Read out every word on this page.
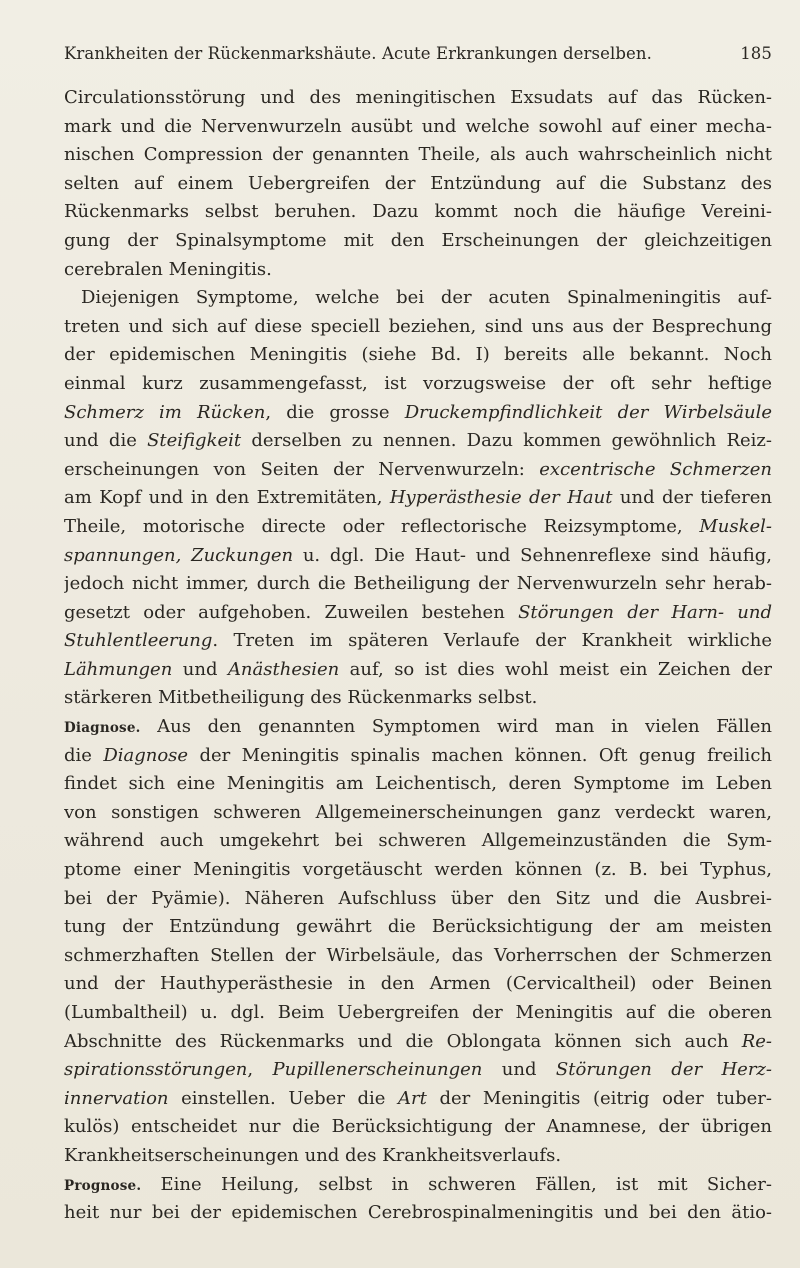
Krankheiten der Rückenmarkshäute. Acute Erkrankungen derselben.	185
Circulationsstörung und des meningitischen Exsudats auf das Rücken-
mark und die Nervenwurzeln ausübt und welche sowohl auf einer mecha-
nischen Compression der genannten Theile, als auch wahrscheinlich nicht
selten auf einem Uebergreifen der Entzündung auf die Substanz des
Rückenmarks selbst beruhen. Dazu kommt noch die häufige Vereini-
gung der Spinalsymptome mit den Erscheinungen der gleichzeitigen
cerebralen Meningitis.
Diejenigen Symptome, welche bei der acuten Spinalmeningitis auf-
treten und sich auf diese speciell beziehen, sind uns aus der Besprechung
der epidemischen Meningitis (siehe Bd. I) bereits alle bekannt. Noch
einmal kurz zusammengefasst, ist vorzugsweise der oft sehr heftige
Schmerz im Rücken, die grosse Druckempfindlichkeit der Wirbelsäule
und die Steifigkeit derselben zu nennen. Dazu kommen gewöhnlich Reiz-
erscheinungen von Seiten der Nervenwurzeln: excentrische Schmerzen
am Kopf und in den Extremitäten, Hyperästhesie der Haut und der tieferen
Theile, motorische directe oder reflectorische Reizsymptome, Muskel-
spannungen, Zuckungen u. dgl. Die Haut- und Sehnenreflexe sind häufig,
jedoch nicht immer, durch die Betheiligung der Nervenwurzeln sehr herab-
gesetzt oder aufgehoben. Zuweilen bestehen Störungen der Harn- und
Stuhlentleerung. Treten im späteren Verlaufe der Krankheit wirkliche
Lähmungen und Anästhesien auf, so ist dies wohl meist ein Zeichen der
stärkeren Mitbetheiligung des Rückenmarks selbst.
Diagnose. Aus den genannten Symptomen wird man in vielen Fällen
die Diagnose der Meningitis spinalis machen können. Oft genug freilich
findet sich eine Meningitis am Leichentisch, deren Symptome im Leben
von sonstigen schweren Allgemeinerscheinungen ganz verdeckt waren,
während auch umgekehrt bei schweren Allgemeinzuständen die Sym-
ptome einer Meningitis vorgetäuscht werden können (z. B. bei Typhus,
bei der Pyämie). Näheren Aufschluss über den Sitz und die Ausbrei-
tung der Entzündung gewährt die Berücksichtigung der am meisten
schmerzhaften Stellen der Wirbelsäule, das Vorherrschen der Schmerzen
und der Hauthyperästhesie in den Armen (Cervicaltheil) oder Beinen
(Lumbaltheil) u. dgl. Beim Uebergreifen der Meningitis auf die oberen
Abschnitte des Rückenmarks und die Oblongata können sich auch Re-
spirationsstörungen, Pupillenerscheinungen und Störungen der Herz-
innervation einstellen. Ueber die Art der Meningitis (eitrig oder tuber-
kulös) entscheidet nur die Berücksichtigung der Anamnese, der übrigen
Krankheitserscheinungen und des Krankheitsverlaufs.
Prognose. Eine Heilung, selbst in schweren Fällen, ist mit Sicher-
heit nur bei der epidemischen Cerebrospinalmeningitis und bei den ätio-
